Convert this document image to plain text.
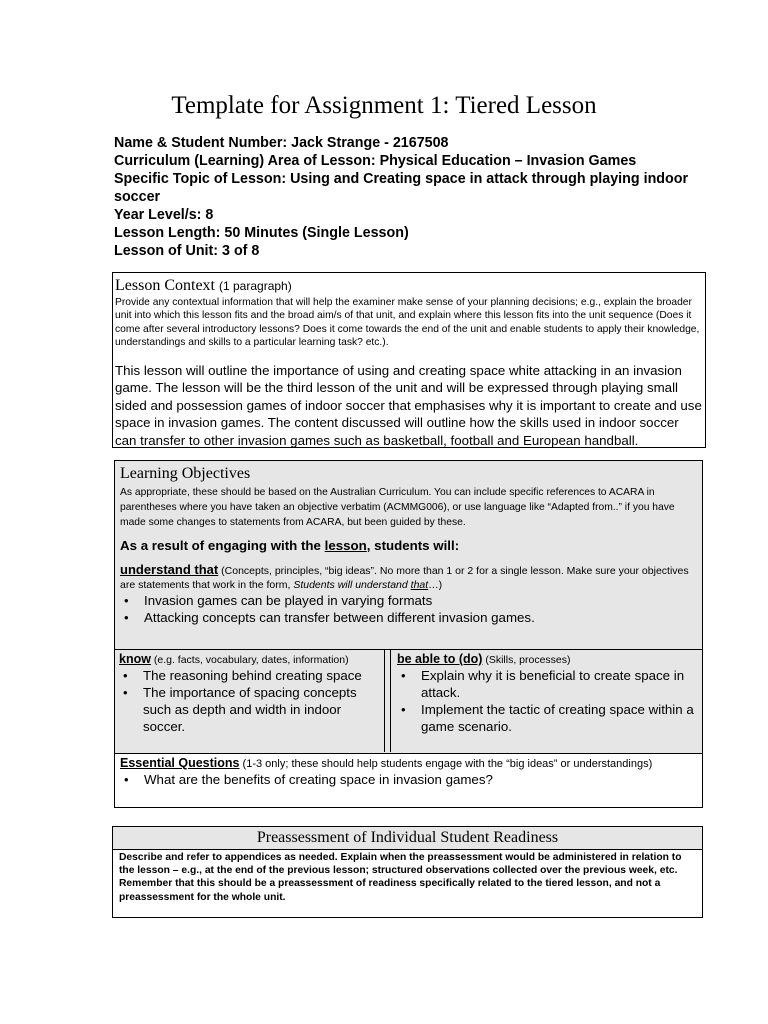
Template for Assignment 1: Tiered Lesson
Name & Student Number: Jack Strange - 2167508
Curriculum (Learning) Area of Lesson: Physical Education – Invasion Games
Specific Topic of Lesson: Using and Creating space in attack through playing indoor soccer
Year Level/s: 8
Lesson Length: 50 Minutes (Single Lesson)
Lesson of Unit: 3 of 8
Lesson Context (1 paragraph)
Provide any contextual information that will help the examiner make sense of your planning decisions; e.g., explain the broader unit into which this lesson fits and the broad aim/s of that unit, and explain where this lesson fits into the unit sequence (Does it come after several introductory lessons? Does it come towards the end of the unit and enable students to apply their knowledge, understandings and skills to a particular learning task? etc.).
This lesson will outline the importance of using and creating space white attacking in an invasion game. The lesson will be the third lesson of the unit and will be expressed through playing small sided and possession games of indoor soccer that emphasises why it is important to create and use space in invasion games. The content discussed will outline how the skills used in indoor soccer can transfer to other invasion games such as basketball, football and European handball.
Learning Objectives
As appropriate, these should be based on the Australian Curriculum. You can include specific references to ACARA in parentheses where you have taken an objective verbatim (ACMMG006), or use language like “Adapted from..” if you have made some changes to statements from ACARA, but been guided by these.
As a result of engaging with the lesson, students will:
understand that (Concepts, principles, “big ideas”. No more than 1 or 2 for a single lesson. Make sure your objectives are statements that work in the form, Students will understand that…)
• Invasion games can be played in varying formats
• Attacking concepts can transfer between different invasion games.
know (e.g. facts, vocabulary, dates, information)
• The reasoning behind creating space
• The importance of spacing concepts such as depth and width in indoor soccer.
be able to (do) (Skills, processes)
• Explain why it is beneficial to create space in attack.
• Implement the tactic of creating space within a game scenario.
Essential Questions (1-3 only; these should help students engage with the “big ideas” or understandings)
• What are the benefits of creating space in invasion games?
Preassessment of Individual Student Readiness
Describe and refer to appendices as needed. Explain when the preassessment would be administered in relation to the lesson – e.g., at the end of the previous lesson; structured observations collected over the previous week, etc. Remember that this should be a preassessment of readiness specifically related to the tiered lesson, and not a preassessment for the whole unit.
